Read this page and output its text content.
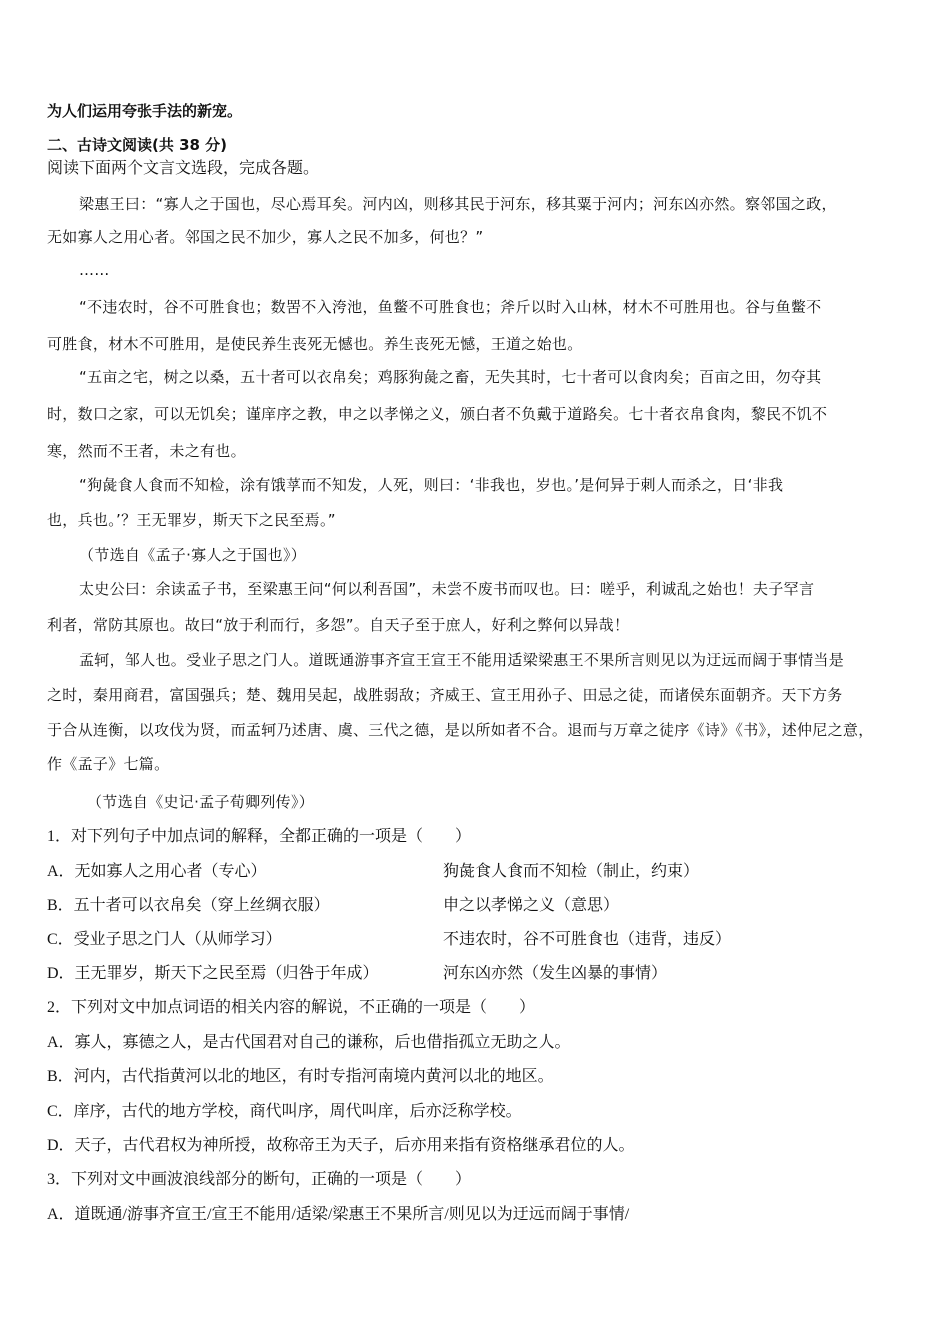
为人们运用夸张手法的新宠。
二、古诗文阅读(共 38 分)
阅读下面两个文言文选段，完成各题。
梁惠王曰：“寡人之于国也，尽心焉耳矣。河内凶，则移其民于河东，移其粟于河内；河东凶亦然。察邻国之政，
无如寡人之用心者。邻国之民不加少，寡人之民不加多，何也？”
……
“不违农时，谷不可胜食也；数罟不入洿池，鱼鳖不可胜食也；斧斤以时入山林，材木不可胜用也。谷与鱼鳖不
可胜食，材木不可胜用，是使民养生丧死无憾也。养生丧死无憾，王道之始也。
“五亩之宅，树之以桑，五十者可以衣帛矣；鸡豚狗彘之畜，无失其时，七十者可以食肉矣；百亩之田，勿夺其
时，数口之家，可以无饥矣；谨庠序之教，申之以孝悌之义，颁白者不负戴于道路矣。七十者衣帛食肉，黎民不饥不
寒，然而不王者，未之有也。
“狗彘食人食而不知检，涂有饿莩而不知发，人死，则曰：‘非我也，岁也。’是何异于刺人而杀之，日‘非我
也，兵也。’？王无罪岁，斯天下之民至焉。”
（节选自《孟子·寡人之于国也》）
太史公曰：余读孟子书，至梁惠王问“何以利吾国”，未尝不废书而叹也。曰：嗟乎，利诚乱之始也！夫子罕言
利者，常防其原也。故曰“放于利而行，多怨”。自天子至于庶人，好利之弊何以异哉！
孟轲，邹人也。受业子思之门人。道既通游事齐宣王宣王不能用适梁梁惠王不果所言则见以为迂远而阔于事情当是
之时，秦用商君，富国强兵；楚、魏用吴起，战胜弱敌；齐威王、宣王用孙子、田忌之徒，而诸侯东面朝齐。天下方务
于合从连衡，以攻伐为贤，而孟轲乃述唐、虞、三代之德，是以所如者不合。退而与万章之徒序《诗》《书》，述仲尼之意，
作《孟子》七篇。
（节选自《史记·孟子荀卿列传》）
1．对下列句子中加点词的解释，全都正确的一项是（　　）
A．无如寡人之用心者（专心）	狗彘食人食而不知检（制止，约束）
B．五十者可以衣帛矣（穿上丝绸衣服）	申之以孝悌之义（意思）
C．受业子思之门人（从师学习）	不违农时，谷不可胜食也（违背，违反）
D．王无罪岁，斯天下之民至焉（归咎于年成）	河东凶亦然（发生凶暴的事情）
2．下列对文中加点词语的相关内容的解说，不正确的一项是（　　）
A．寡人，寡德之人，是古代国君对自己的谦称，后也借指孤立无助之人。
B．河内，古代指黄河以北的地区，有时专指河南境内黄河以北的地区。
C．庠序，古代的地方学校，商代叫序，周代叫庠，后亦泛称学校。
D．天子，古代君权为神所授，故称帝王为天子，后亦用来指有资格继承君位的人。
3．下列对文中画波浪线部分的断句，正确的一项是（　　）
A．道既通/游事齐宣王/宣王不能用/适梁/梁惠王不果所言/则见以为迂远而阔于事情/
